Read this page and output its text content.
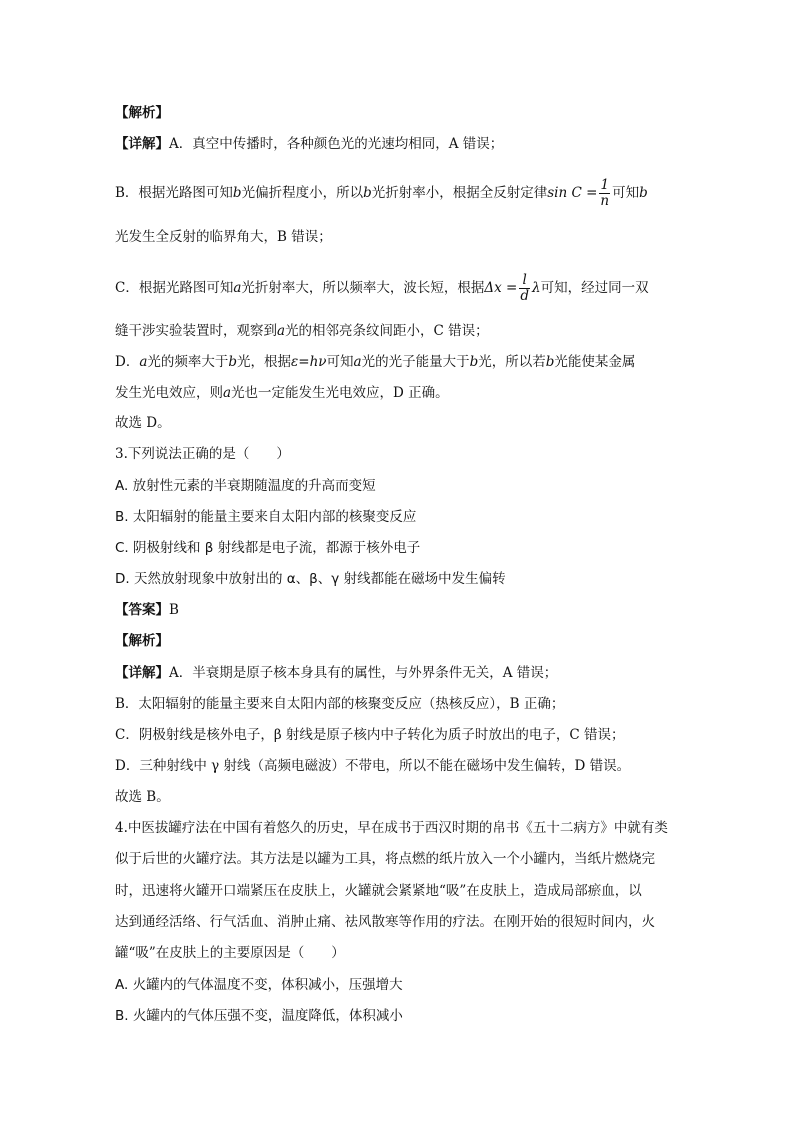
【解析】
【详解】A．真空中传播时，各种颜色光的光速均相同，A 错误；
B．根据光路图可知b光偏折程度小，所以b光折射率小，根据全反射定律$\sin C = \frac{1}{n}$ 可知b
光发生全反射的临界角大，B 错误；
C．根据光路图可知a光折射率大，所以频率大，波长短，根据$\Delta x = \frac{l}{d}$ λ可知，经过同一双
缝干涉实验装置时，观察到a光的相邻亮条纹间距小，C 错误；
D．a光的频率大于b光，根据ε=hν可知a光的光子能量大于b光，所以若b光能使某金属
发生光电效应，则a光也一定能发生光电效应，D 正确。
故选 D。
3.下列说法正确的是（　　）
A. 放射性元素的半衰期随温度的升高而变短
B. 太阳辐射的能量主要来自太阳内部的核聚变反应
C. 阴极射线和 β 射线都是电子流，都源于核外电子
D. 天然放射现象中放射出的 α、β、γ 射线都能在磁场中发生偏转
【答案】B
【解析】
【详解】A．半衰期是原子核本身具有的属性，与外界条件无关，A 错误；
B．太阳辐射的能量主要来自太阳内部的核聚变反应（热核反应），B 正确；
C．阴极射线是核外电子，β 射线是原子核内中子转化为质子时放出的电子，C 错误；
D．三种射线中 γ 射线（高频电磁波）不带电，所以不能在磁场中发生偏转，D 错误。
故选 B。
4.中医拔罐疗法在中国有着悠久的历史，早在成书于西汉时期的帛书《五十二病方》中就有类
似于后世的火罐疗法。其方法是以罐为工具，将点燃的纸片放入一个小罐内，当纸片燃烧完
时，迅速将火罐开口端紧压在皮肤上，火罐就会紧紧地“吸”在皮肤上，造成局部瘀血，以
达到通经活络、行气活血、消肿止痛、祛风散寒等作用的疗法。在刚开始的很短时间内，火
罐“吸”在皮肤上的主要原因是（　　）
A. 火罐内的气体温度不变，体积减小，压强增大
B. 火罐内的气体压强不变，温度降低，体积减小
